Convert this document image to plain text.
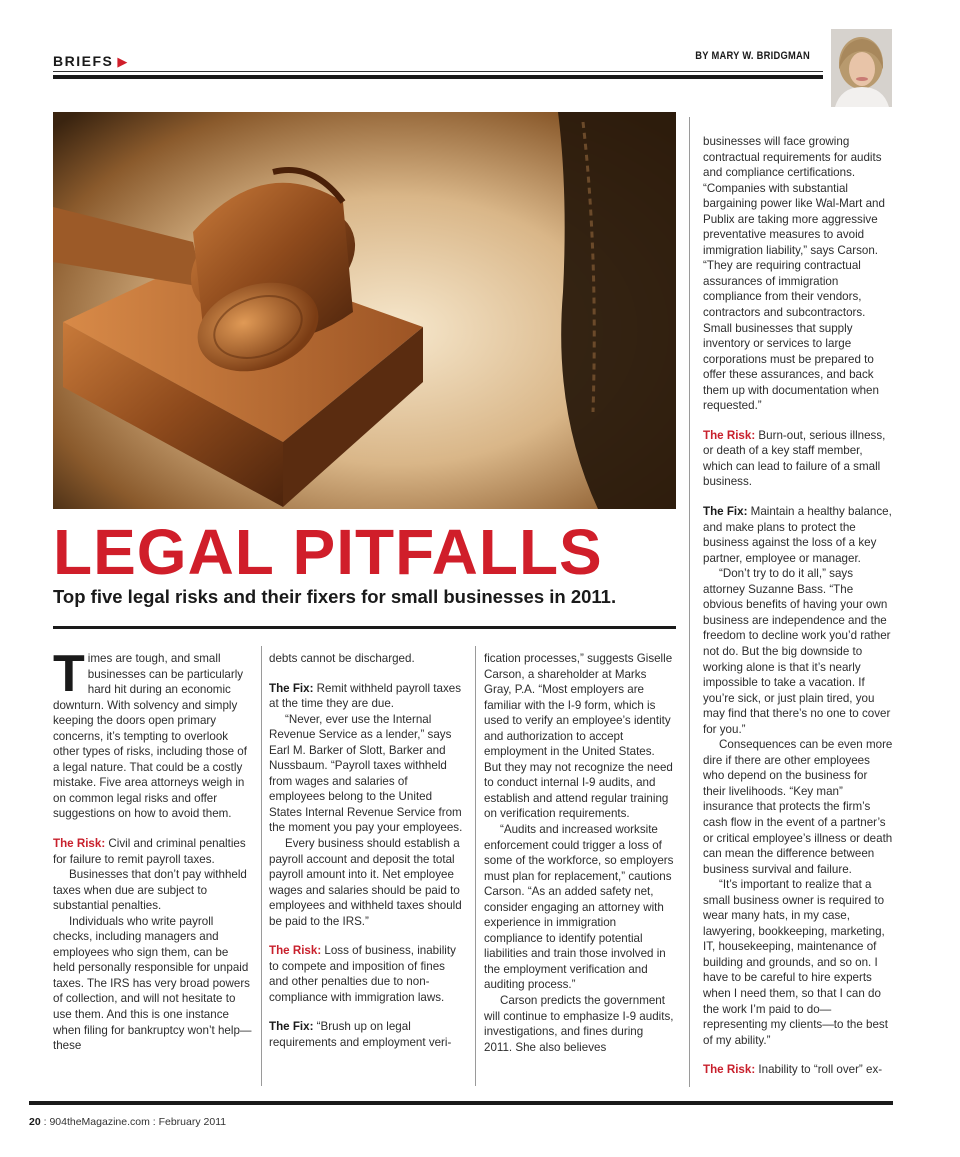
BRIEFS ▶	BY MARY W. BRIDGMAN
LEGAL PITFALLS
Top five legal risks and their fixers for small businesses in 2011.

Times are tough, and small businesses can be particularly hard hit during an economic downturn. With solvency and simply keeping the doors open primary concerns, it’s tempting to overlook other types of risks, including those of a legal nature. That could be a costly mistake. Five area attorneys weigh in on common legal risks and offer suggestions on how to avoid them.

The Risk: Civil and criminal penalties for failure to remit payroll taxes.

Businesses that don’t pay withheld taxes when due are subject to substantial penalties.

Individuals who write payroll checks, including managers and employees who sign them, can be held personally responsible for unpaid taxes. The IRS has very broad powers of collection, and will not hesitate to use them. And this is one instance when filing for bankruptcy won’t help—these

debts cannot be discharged.

The Fix: Remit withheld payroll taxes at the time they are due.

“Never, ever use the Internal Revenue Service as a lender,” says Earl M. Barker of Slott, Barker and Nussbaum. “Payroll taxes withheld from wages and salaries of employees belong to the United States Internal Revenue Service from the moment you pay your employees.

Every business should establish a payroll account and deposit the total payroll amount into it. Net employee wages and salaries should be paid to employees and withheld taxes should be paid to the IRS.”

The Risk: Loss of business, inability to compete and imposition of fines and other penalties due to non-compliance with immigration laws.

The Fix: “Brush up on legal requirements and employment veri-

fication processes,” suggests Giselle Carson, a shareholder at Marks Gray, P.A. “Most employers are familiar with the I-9 form, which is used to verify an employee’s identity and authorization to accept employment in the United States. But they may not recognize the need to conduct internal I-9 audits, and establish and attend regular training on verification requirements.

“Audits and increased worksite enforcement could trigger a loss of some of the workforce, so employers must plan for replacement,” cautions Carson. “As an added safety net, consider engaging an attorney with experience in immigration compliance to identify potential liabilities and train those involved in the employment verification and auditing process.”

Carson predicts the government will continue to emphasize I-9 audits, investigations, and fines during 2011. She also believes

businesses will face growing contractual requirements for audits and compliance certifications. “Companies with substantial bargaining power like Wal-Mart and Publix are taking more aggressive preventative measures to avoid immigration liability,” says Carson. “They are requiring contractual assurances of immigration compliance from their vendors, contractors and subcontractors. Small businesses that supply inventory or services to large corporations must be prepared to offer these assurances, and back them up with documentation when requested.”

The Risk: Burn-out, serious illness, or death of a key staff member, which can lead to failure of a small business.

The Fix: Maintain a healthy balance, and make plans to protect the business against the loss of a key partner, employee or manager.

“Don’t try to do it all,” says attorney Suzanne Bass. “The obvious benefits of having your own business are independence and the freedom to decline work you’d rather not do. But the big downside to working alone is that it’s nearly impossible to take a vacation. If you’re sick, or just plain tired, you may find that there’s no one to cover for you.”

Consequences can be even more dire if there are other employees who depend on the business for their livelihoods. “Key man” insurance that protects the firm’s cash flow in the event of a partner’s or critical employee’s illness or death can mean the difference between business survival and failure.

“It’s important to realize that a small business owner is required to wear many hats, in my case, lawyering, bookkeeping, marketing, IT, housekeeping, maintenance of building and grounds, and so on. I have to be careful to hire experts when I need them, so that I can do the work I’m paid to do—representing my clients—to the best of my ability.”

The Risk: Inability to “roll over” ex-

20 : 904theMagazine.com : February 2011
